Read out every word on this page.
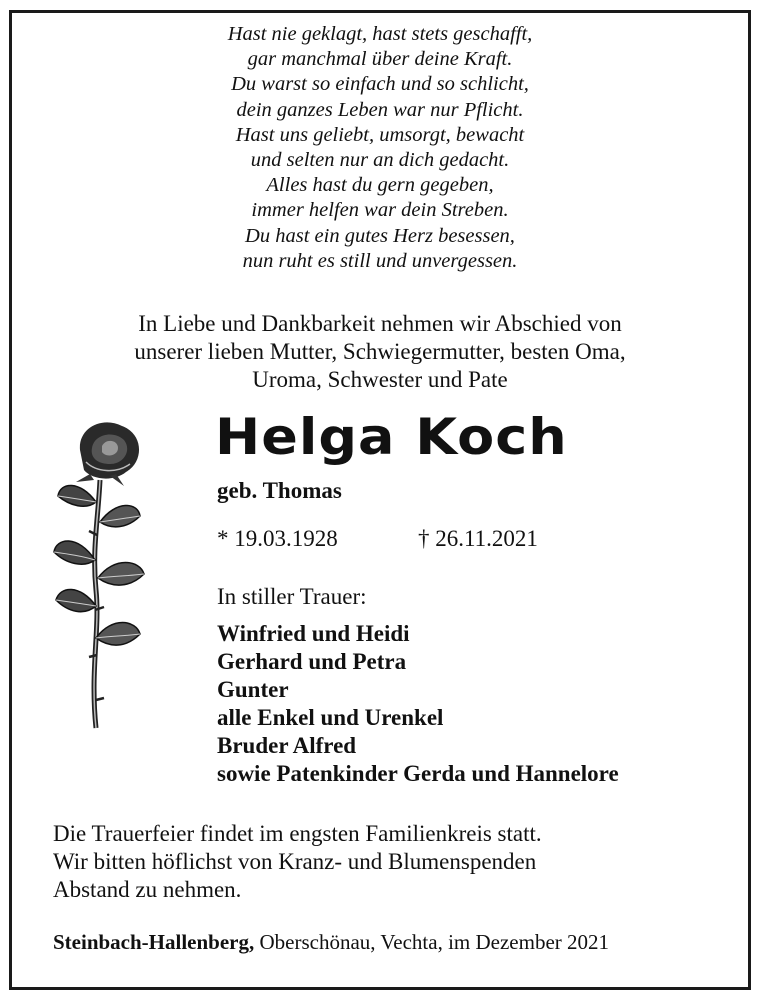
Hast nie geklagt, hast stets geschafft,
gar manchmal über deine Kraft.
Du warst so einfach und so schlicht,
dein ganzes Leben war nur Pflicht.
Hast uns geliebt, umsorgt, bewacht
und selten nur an dich gedacht.
Alles hast du gern gegeben,
immer helfen war dein Streben.
Du hast ein gutes Herz besessen,
nun ruht es still und unvergessen.
In Liebe und Dankbarkeit nehmen wir Abschied von
unserer lieben Mutter, Schwiegermutter, besten Oma,
Uroma, Schwester und Pate
Helga Koch
geb. Thomas
* 19.03.1928	† 26.11.2021
In stiller Trauer:
Winfried und Heidi
Gerhard und Petra
Gunter
alle Enkel und Urenkel
Bruder Alfred
sowie Patenkinder Gerda und Hannelore
Die Trauerfeier findet im engsten Familienkreis statt.
Wir bitten höflichst von Kranz- und Blumenspenden
Abstand zu nehmen.
Steinbach-Hallenberg, Oberschönau, Vechta, im Dezember 2021
